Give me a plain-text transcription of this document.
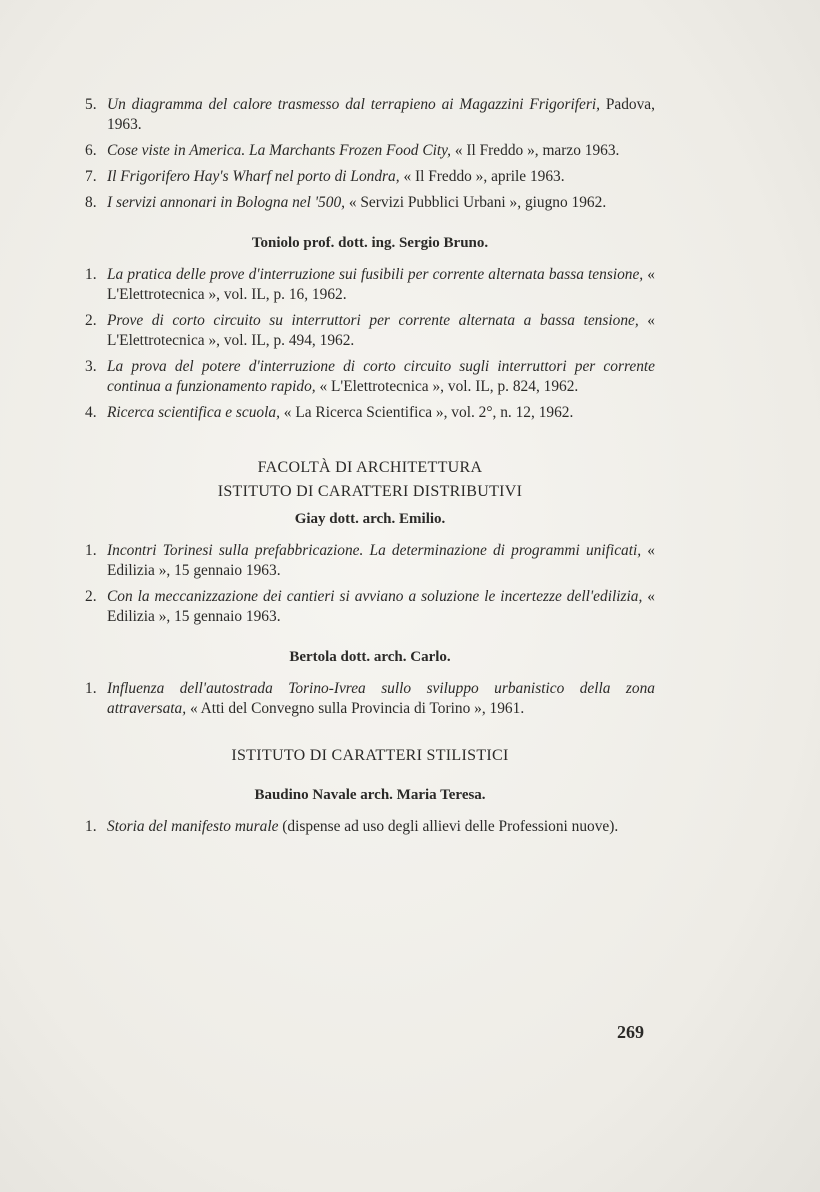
5. Un diagramma del calore trasmesso dal terrapieno ai Magazzini Frigoriferi, Padova, 1963.
6. Cose viste in America. La Marchants Frozen Food City, « Il Freddo », marzo 1963.
7. Il Frigorifero Hay's Wharf nel porto di Londra, « Il Freddo », aprile 1963.
8. I servizi annonari in Bologna nel '500, « Servizi Pubblici Urbani », giugno 1962.
Toniolo prof. dott. ing. Sergio Bruno.
1. La pratica delle prove d'interruzione sui fusibili per corrente alternata bassa tensione, « L'Elettrotecnica », vol. IL, p. 16, 1962.
2. Prove di corto circuito su interruttori per corrente alternata a bassa tensione, « L'Elettrotecnica », vol. IL, p. 494, 1962.
3. La prova del potere d'interruzione di corto circuito sugli interruttori per corrente continua a funzionamento rapido, « L'Elettrotecnica », vol. IL, p. 824, 1962.
4. Ricerca scientifica e scuola, « La Ricerca Scientifica », vol. 2°, n. 12, 1962.
FACOLTÀ DI ARCHITETTURA
ISTITUTO DI CARATTERI DISTRIBUTIVI
Giay dott. arch. Emilio.
1. Incontri Torinesi sulla prefabbricazione. La determinazione di programmi unificati, « Edilizia », 15 gennaio 1963.
2. Con la meccanizzazione dei cantieri si avviano a soluzione le incertezze dell'edilizia, « Edilizia », 15 gennaio 1963.
Bertola dott. arch. Carlo.
1. Influenza dell'autostrada Torino-Ivrea sullo sviluppo urbanistico della zona attraversata, « Atti del Convegno sulla Provincia di Torino », 1961.
ISTITUTO DI CARATTERI STILISTICI
Baudino Navale arch. Maria Teresa.
1. Storia del manifesto murale (dispense ad uso degli allievi delle Professioni nuove).
269
